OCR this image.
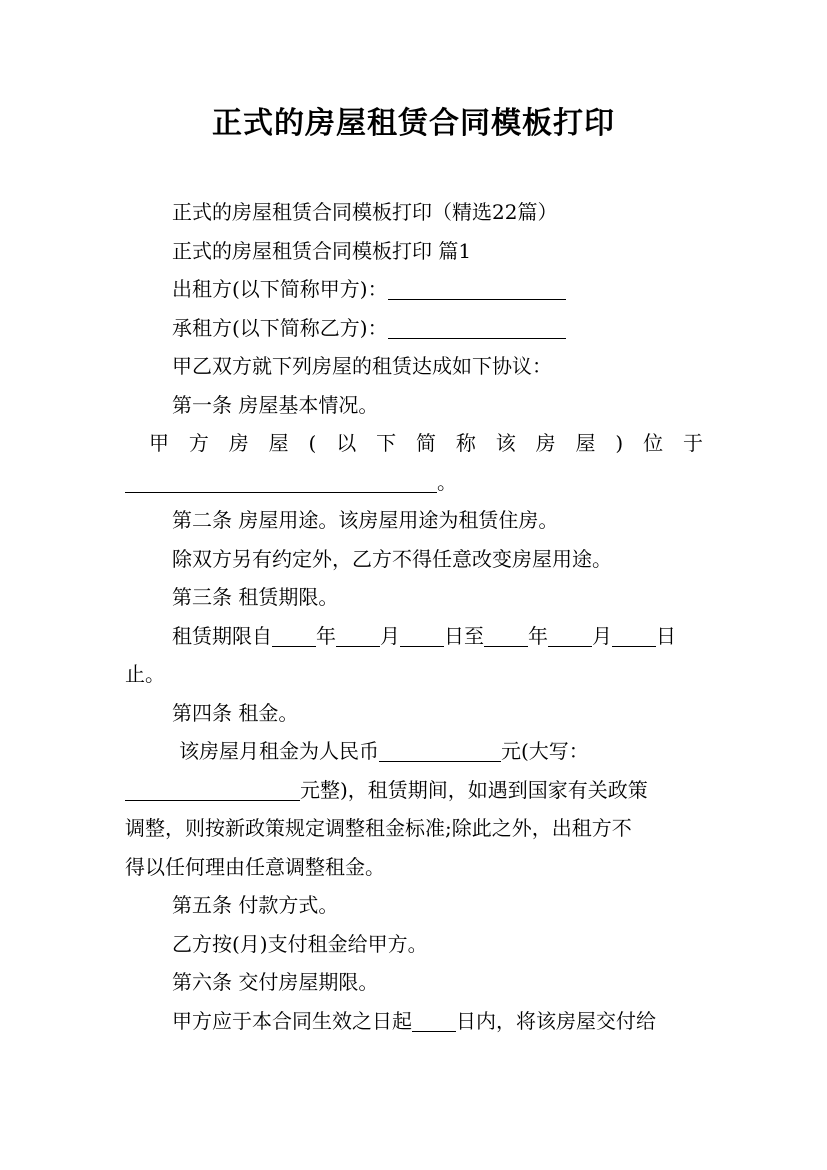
正式的房屋租赁合同模板打印

正式的房屋租赁合同模板打印（精选22篇）

正式的房屋租赁合同模板打印 篇1

出租方(以下简称甲方)：

承租方(以下简称乙方)：

甲乙双方就下列房屋的租赁达成如下协议：

第一条 房屋基本情况。

甲方房屋(以下简称该房屋)位于

。

第二条 房屋用途。该房屋用途为租赁住房。

除双方另有约定外，乙方不得任意改变房屋用途。

第三条 租赁期限。

租赁期限自 年 月 日至 年 月 日

止。

第四条 租金。

该房屋月租金为人民币	元(大写：

元整)，租赁期间，如遇到国家有关政策

调整，则按新政策规定调整租金标准;除此之外，出租方不

得以任何理由任意调整租金。

第五条 付款方式。

乙方按(月)支付租金给甲方。

第六条 交付房屋期限。

甲方应于本合同生效之日起 日内，将该房屋交付给
